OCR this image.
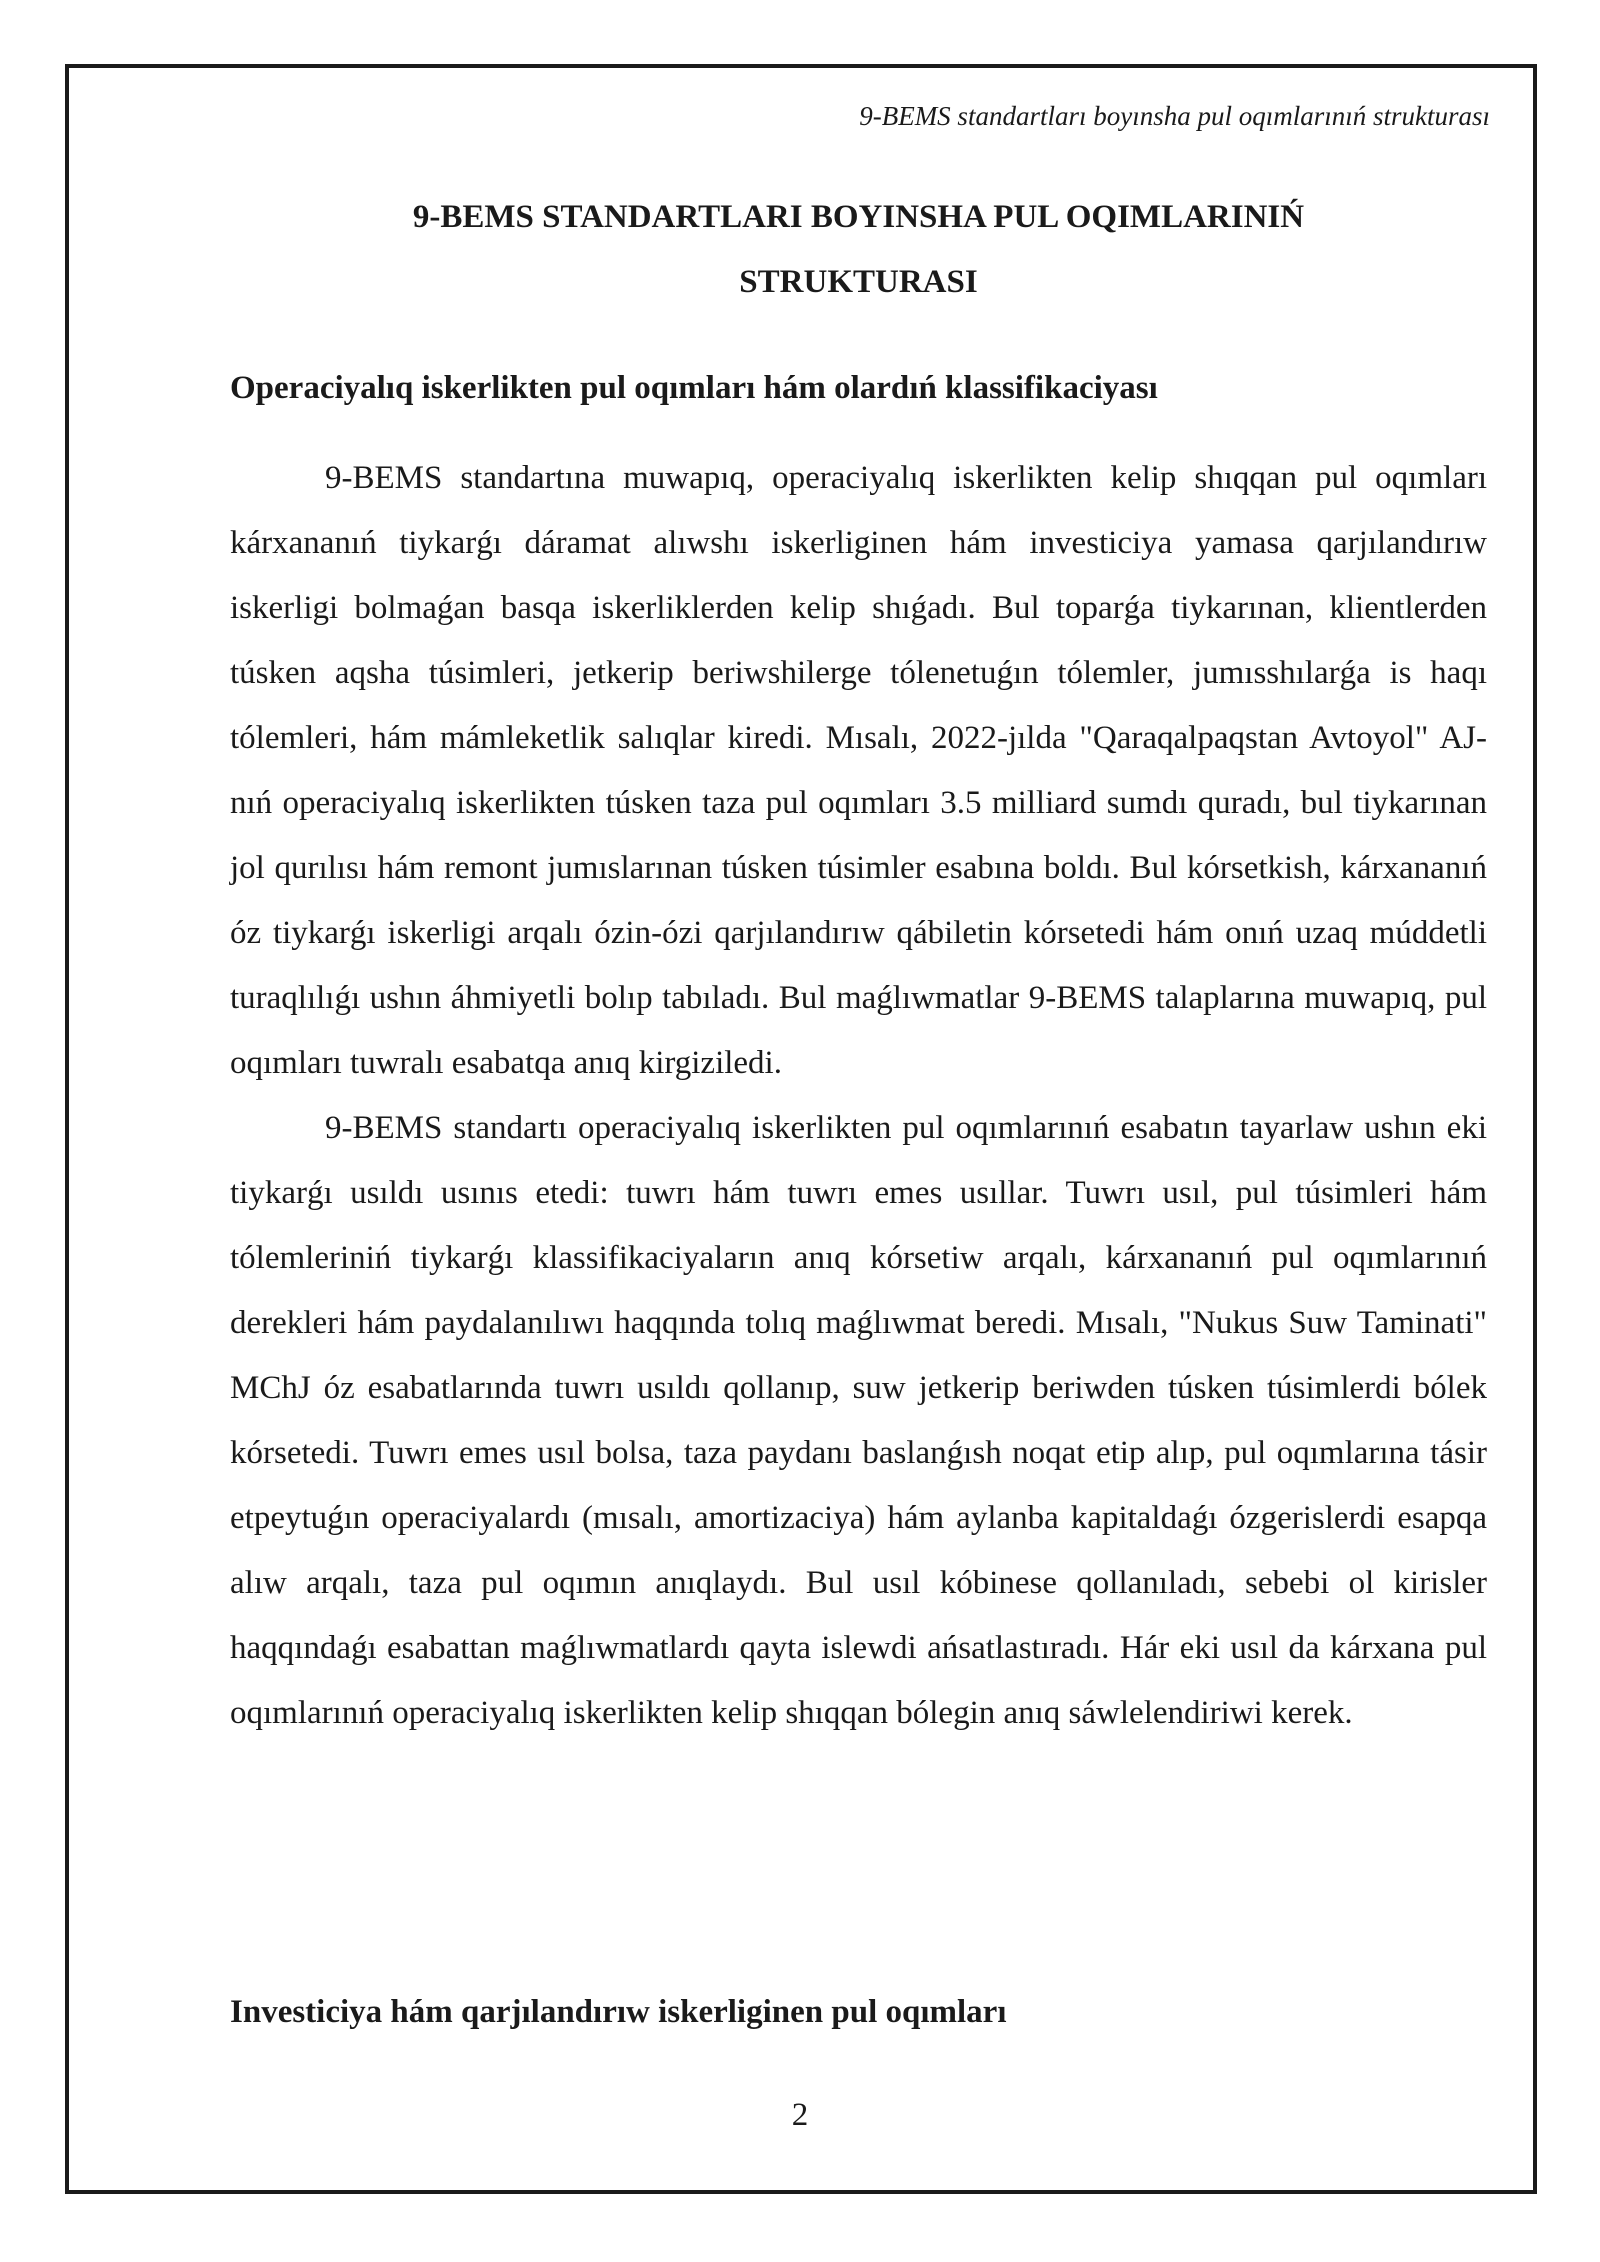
9-BEMS standartları boyınsha pul oqımlarınıń strukturası
9-BEMS STANDARTLARI BOYINSHA PUL OQIMLARINIŃ
STRUKTURASI
Operaciyalıq iskerlikten pul oqımları hám olardıń klassifikaciyası

9-BEMS standartına muwapıq, operaciyalıq iskerlikten kelip shıqqan pul oqımları kárxananıń tiykarǵı dáramat alıwshı iskerliginen hám investiciya yamasa qarjılandırıw iskerligi bolmaǵan basqa iskerliklerden kelip shıǵadı. Bul toparǵa tiykarınan, klientlerden túsken aqsha túsimleri, jetkerip beriwshilerge tólenetuǵın tólemler, jumısshılarǵa is haqı tólemleri, hám mámleketlik salıqlar kiredi. Mısalı, 2022-jılda "Qaraqalpaqstan Avtoyol" AJ-nıń operaciyalıq iskerlikten túsken taza pul oqımları 3.5 milliard sumdı quradı, bul tiykarınan jol qurılısı hám remont jumıslarınan túsken túsimler esabına boldı. Bul kórsetkish, kárxananıń óz tiykarǵı iskerligi arqalı ózin-ózi qarjılandırıw qábiletin kórsetedi hám onıń uzaq múddetli turaqlılıǵı ushın áhmiyetli bolıp tabıladı. Bul maǵlıwmatlar 9-BEMS talaplarına muwapıq, pul oqımları tuwralı esabatqa anıq kirgiziledi.

9-BEMS standartı operaciyalıq iskerlikten pul oqımlarınıń esabatın tayarlaw ushın eki tiykarǵı usıldı usınıs etedi: tuwrı hám tuwrı emes usıllar. Tuwrı usıl, pul túsimleri hám tólemleriniń tiykarǵı klassifikaciyaların anıq kórsetiw arqalı, kárxananıń pul oqımlarınıń derekleri hám paydalanılıwı haqqında tolıq maǵlıwmat beredi. Mısalı, "Nukus Suw Taminati" MChJ óz esabatlarında tuwrı usıldı qollanıp, suw jetkerip beriwden túsken túsimlerdi bólek kórsetedi. Tuwrı emes usıl bolsa, taza paydanı baslanǵısh noqat etip alıp, pul oqımlarına tásir etpeytuǵın operaciyalardı (mısalı, amortizaciya) hám aylanba kapitaldaǵı ózgerislerdi esapqa alıw arqalı, taza pul oqımın anıqlaydı. Bul usıl kóbinese qollanıladı, sebebi ol kirisler haqqındaǵı esabattan maǵlıwmatlardı qayta islewdi ańsatlastıradı. Hár eki usıl da kárxana pul oqımlarınıń operaciyalıq iskerlikten kelip shıqqan bólegin anıq sáwlelendiriwi kerek.

Investiciya hám qarjılandırıw iskerliginen pul oqımları
2
